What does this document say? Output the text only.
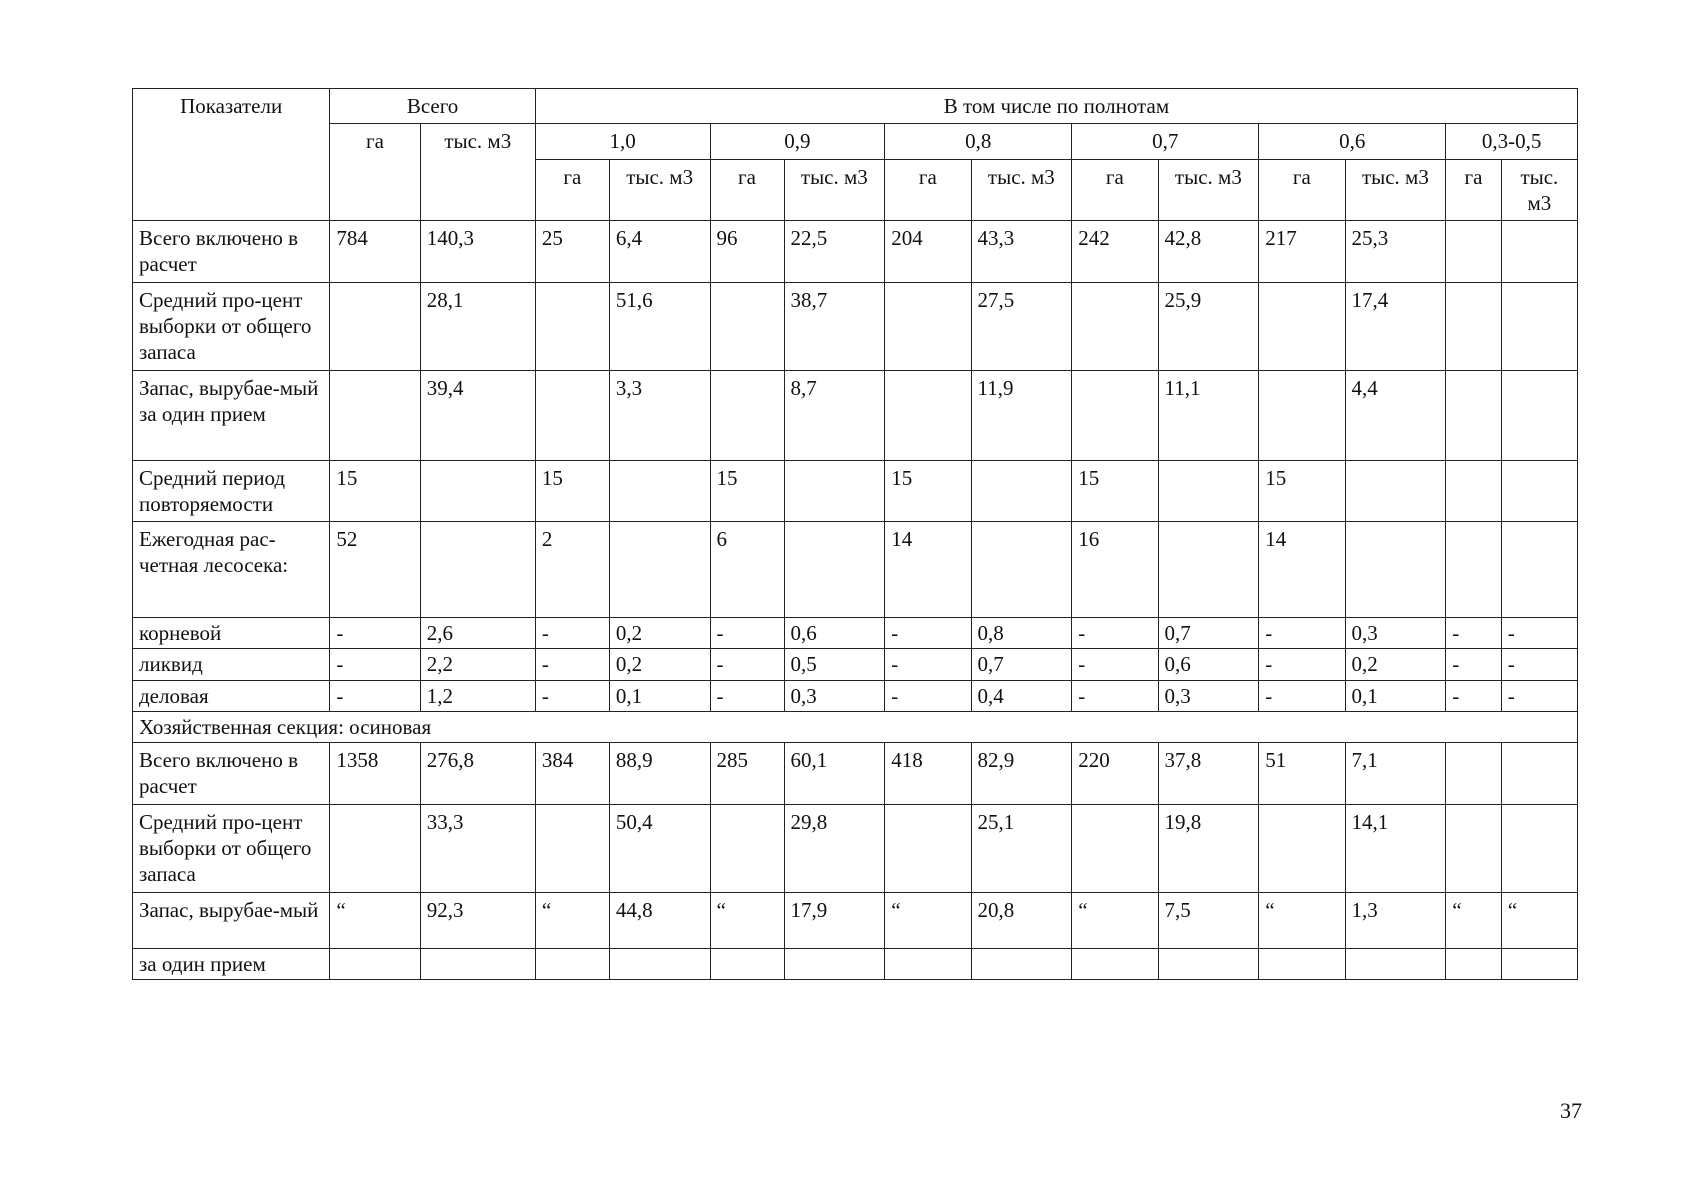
Показатели	Всего		В том числе по полнотам											
	га	тыс. м3	1,0		0,9		0,8		0,7		0,6		0,3-0,5	
			га	тыс. м3	га	тыс. м3	га	тыс. м3	га	тыс. м3	га	тыс. м3	га	тыс. м3
Всего включено в расчет	784	140,3	25	6,4	96	22,5	204	43,3	242	42,8	217	25,3		
Средний про-цент выборки от общего запаса		28,1		51,6		38,7		27,5		25,9		17,4		
Запас, вырубае-мый за один прием		39,4		3,3		8,7		11,9		11,1		4,4		
Средний период повторяемости	15		15		15		15		15		15			
Ежегодная рас-четная лесосека:	52		2		6		14		16		14			
корневой	-	2,6	-	0,2	-	0,6	-	0,8	-	0,7	-	0,3	-	-
ликвид	-	2,2	-	0,2	-	0,5	-	0,7	-	0,6	-	0,2	-	-
деловая	-	1,2	-	0,1	-	0,3	-	0,4	-	0,3	-	0,1	-	-
Хозяйственная секция: осиновая														
Всего включено в расчет	1358	276,8	384	88,9	285	60,1	418	82,9	220	37,8	51	7,1		
Средний про-цент выборки от общего запаса		33,3		50,4		29,8		25,1		19,8		14,1		
Запас, вырубае-мый	“	92,3	“	44,8	“	17,9	“	20,8	“	7,5	“	1,3	“	“
за один прием														
37
